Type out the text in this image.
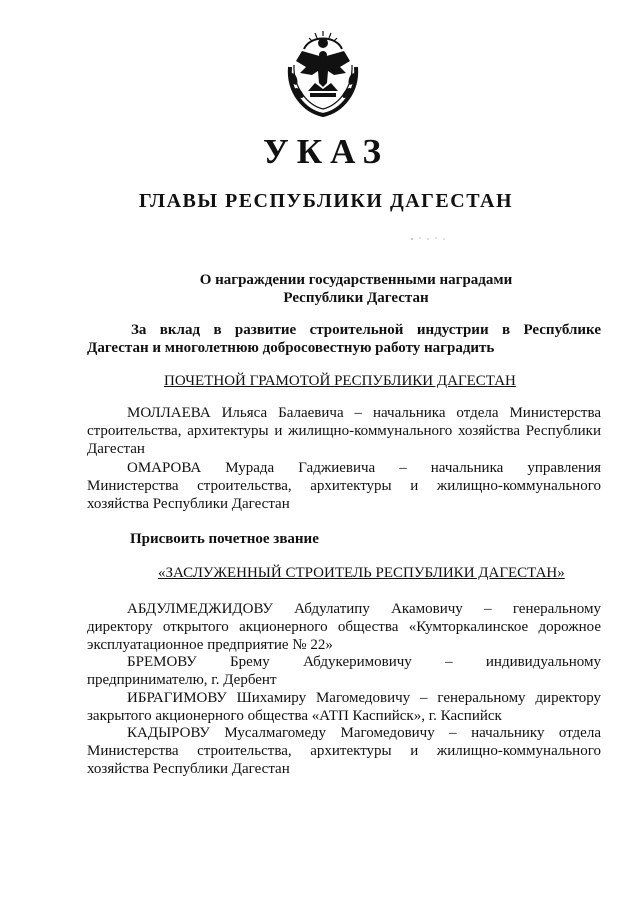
УКАЗ
ГЛАВЫ РЕСПУБЛИКИ ДАГЕСТАН
О награждении государственными наградами
Республики Дагестан
За вклад в развитие строительной индустрии в Республике
Дагестан и многолетнюю добросовестную работу наградить
ПОЧЕТНОЙ ГРАМОТОЙ РЕСПУБЛИКИ ДАГЕСТАН
МОЛЛАЕВА Ильяса Балаевича – начальника отдела Министерства
строительства, архитектуры и жилищно-коммунального хозяйства Республики
Дагестан
ОМАРОВА Мурада Гаджиевича – начальника управления
Министерства строительства, архитектуры и жилищно-коммунального
хозяйства Республики Дагестан
Присвоить почетное звание
«ЗАСЛУЖЕННЫЙ СТРОИТЕЛЬ РЕСПУБЛИКИ ДАГЕСТАН»
АБДУЛМЕДЖИДОВУ Абдулатипу Акамовичу – генеральному
директору открытого акционерного общества «Кумторкалинское дорожное
эксплуатационное предприятие № 22»
БРЕМОВУ Брему Абдукеримовичу – индивидуальному
предпринимателю, г. Дербент
ИБРАГИМОВУ Шихамиру Магомедовичу – генеральному директору
закрытого акционерного общества «АТП Каспийск», г. Каспийск
КАДЫРОВУ Мусалмагомеду Магомедовичу – начальнику отдела
Министерства строительства, архитектуры и жилищно-коммунального
хозяйства Республики Дагестан
